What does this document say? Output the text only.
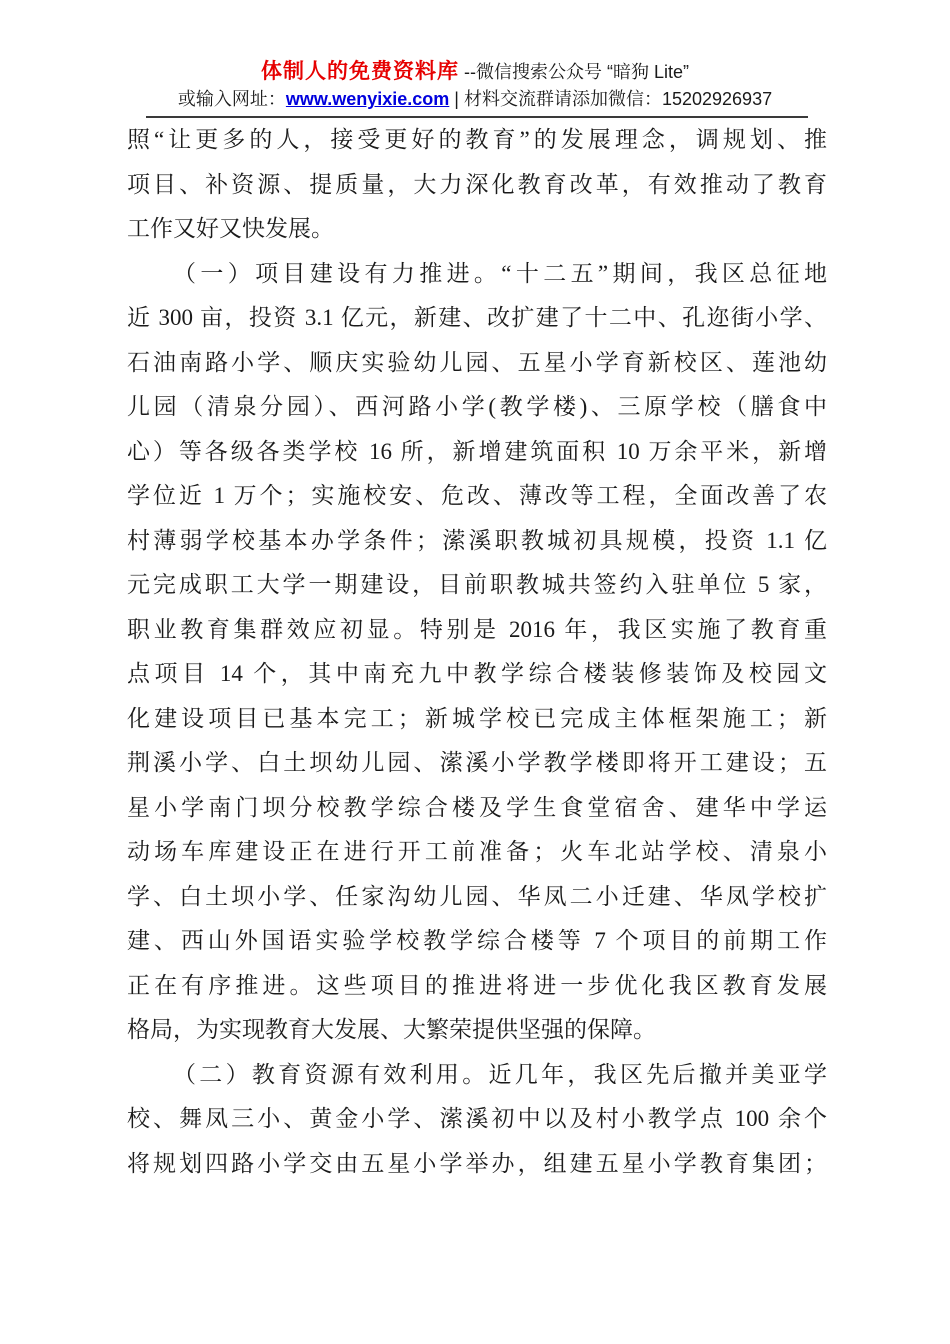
体制人的免费资料库 --微信搜索公众号 “暗狗 Lite”
或输入网址：www.wenyixie.com | 材料交流群请添加微信：15202926937
照“让更多的人，接受更好的教育”的发展理念，调规划、推
项目、补资源、提质量，大力深化教育改革，有效推动了教育
工作又好又快发展。
（一）项目建设有力推进。“十二五”期间，我区总征地
近 300 亩，投资 3.1 亿元，新建、改扩建了十二中、孔迩街小学、
石油南路小学、顺庆实验幼儿园、五星小学育新校区、莲池幼
儿园（清泉分园）、西河路小学(教学楼)、三原学校（膳食中
心）等各级各类学校 16 所，新增建筑面积 10 万余平米，新增
学位近 1 万个；实施校安、危改、薄改等工程，全面改善了农
村薄弱学校基本办学条件；潆溪职教城初具规模，投资 1.1 亿
元完成职工大学一期建设，目前职教城共签约入驻单位 5 家，
职业教育集群效应初显。特别是 2016 年，我区实施了教育重
点项目 14 个，其中南充九中教学综合楼装修装饰及校园文
化建设项目已基本完工；新城学校已完成主体框架施工；新
荆溪小学、白土坝幼儿园、潆溪小学教学楼即将开工建设；五
星小学南门坝分校教学综合楼及学生食堂宿舍、建华中学运
动场车库建设正在进行开工前准备；火车北站学校、清泉小
学、白土坝小学、任家沟幼儿园、华凤二小迁建、华凤学校扩
建、西山外国语实验学校教学综合楼等 7 个项目的前期工作
正在有序推进。这些项目的推进将进一步优化我区教育发展
格局，为实现教育大发展、大繁荣提供坚强的保障。
（二）教育资源有效利用。近几年，我区先后撤并美亚学
校、舞凤三小、黄金小学、潆溪初中以及村小教学点 100 余个
将规划四路小学交由五星小学举办，组建五星小学教育集团；
